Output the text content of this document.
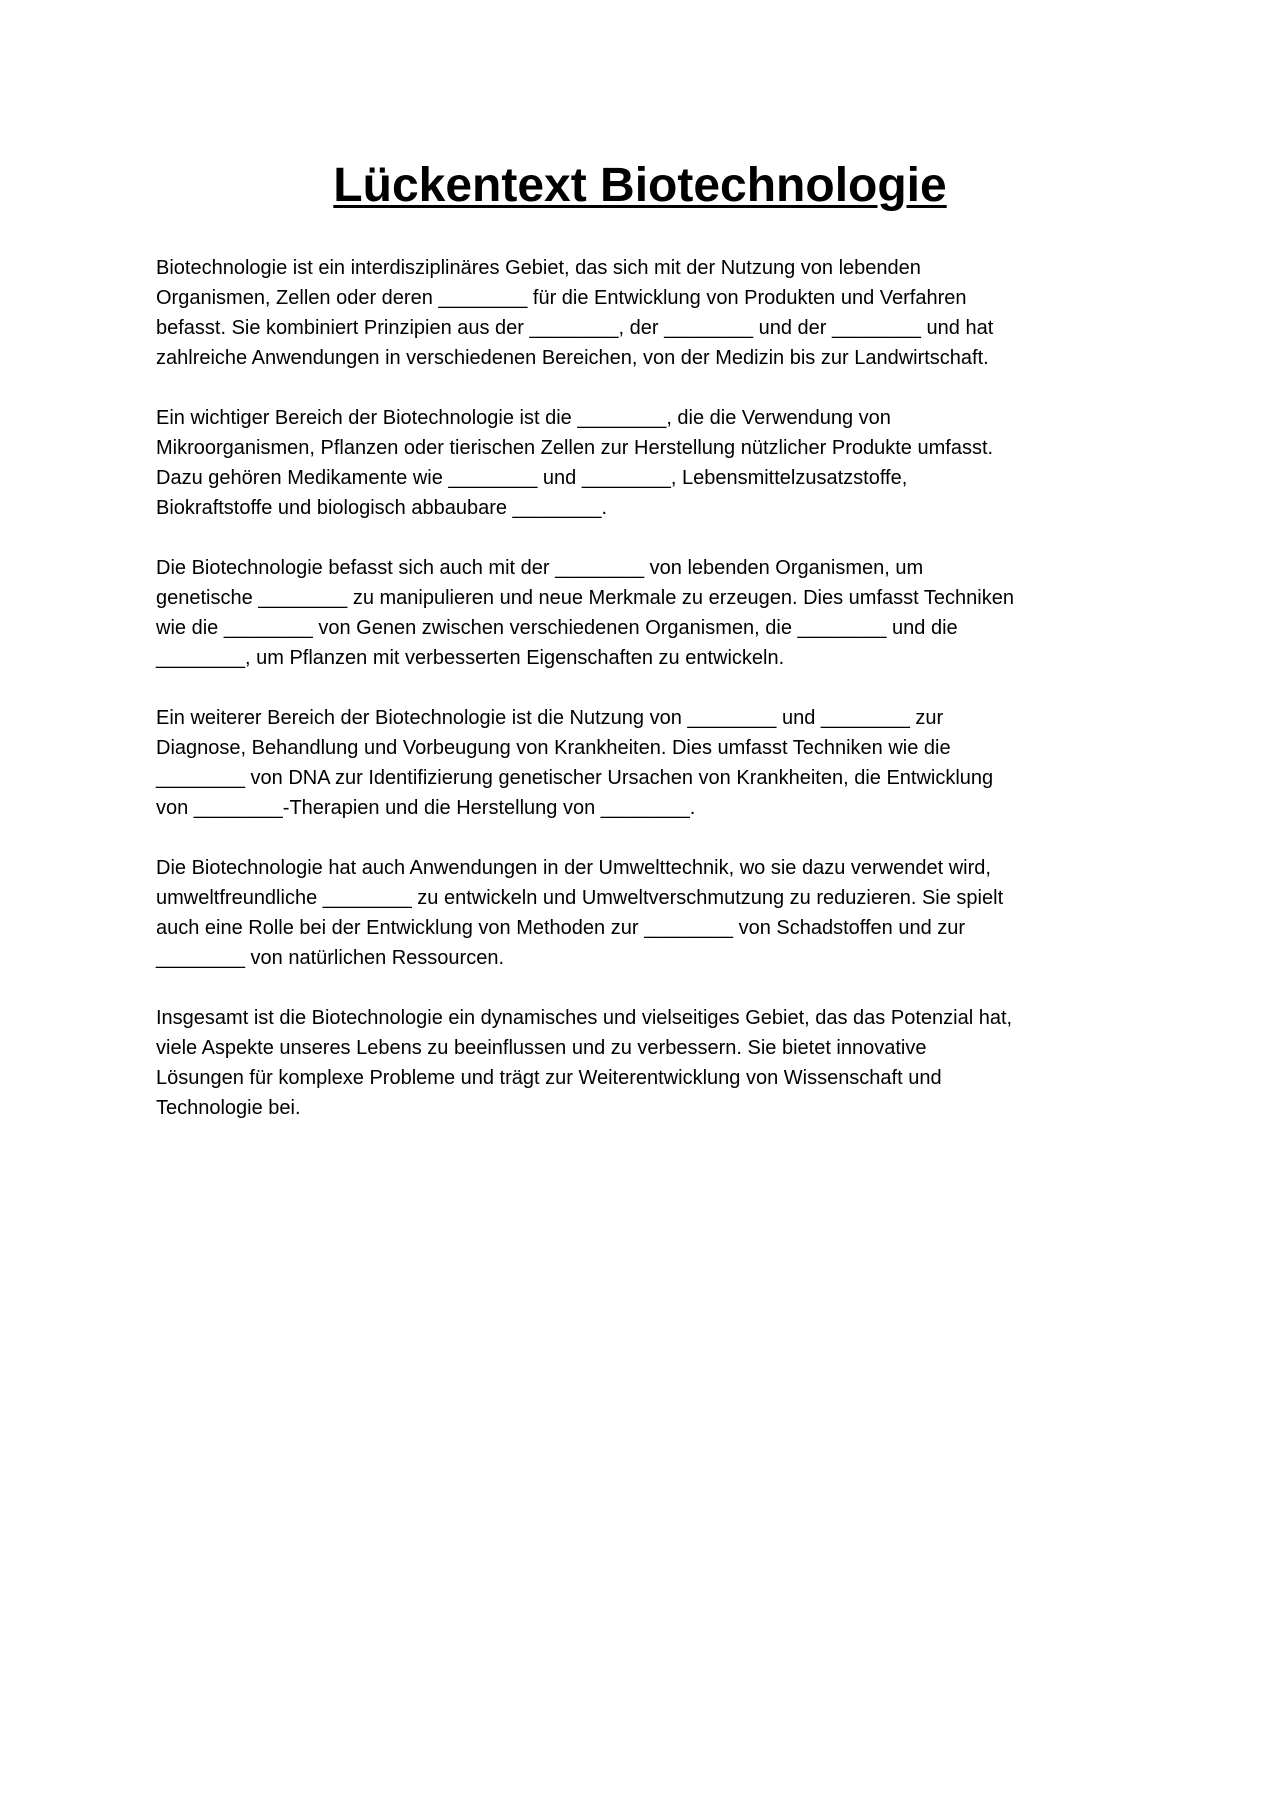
Lückentext Biotechnologie

Biotechnologie ist ein interdisziplinäres Gebiet, das sich mit der Nutzung von lebenden
Organismen, Zellen oder deren ________ für die Entwicklung von Produkten und Verfahren
befasst. Sie kombiniert Prinzipien aus der ________, der ________ und der ________ und hat
zahlreiche Anwendungen in verschiedenen Bereichen, von der Medizin bis zur Landwirtschaft.

Ein wichtiger Bereich der Biotechnologie ist die ________, die die Verwendung von
Mikroorganismen, Pflanzen oder tierischen Zellen zur Herstellung nützlicher Produkte umfasst.
Dazu gehören Medikamente wie ________ und ________, Lebensmittelzusatzstoffe,
Biokraftstoffe und biologisch abbaubare ________.

Die Biotechnologie befasst sich auch mit der ________ von lebenden Organismen, um
genetische ________ zu manipulieren und neue Merkmale zu erzeugen. Dies umfasst Techniken
wie die ________ von Genen zwischen verschiedenen Organismen, die ________ und die
________, um Pflanzen mit verbesserten Eigenschaften zu entwickeln.

Ein weiterer Bereich der Biotechnologie ist die Nutzung von ________ und ________ zur
Diagnose, Behandlung und Vorbeugung von Krankheiten. Dies umfasst Techniken wie die
________ von DNA zur Identifizierung genetischer Ursachen von Krankheiten, die Entwicklung
von ________-Therapien und die Herstellung von ________.

Die Biotechnologie hat auch Anwendungen in der Umwelttechnik, wo sie dazu verwendet wird,
umweltfreundliche ________ zu entwickeln und Umweltverschmutzung zu reduzieren. Sie spielt
auch eine Rolle bei der Entwicklung von Methoden zur ________ von Schadstoffen und zur
________ von natürlichen Ressourcen.

Insgesamt ist die Biotechnologie ein dynamisches und vielseitiges Gebiet, das das Potenzial hat,
viele Aspekte unseres Lebens zu beeinflussen und zu verbessern. Sie bietet innovative
Lösungen für komplexe Probleme und trägt zur Weiterentwicklung von Wissenschaft und
Technologie bei.
